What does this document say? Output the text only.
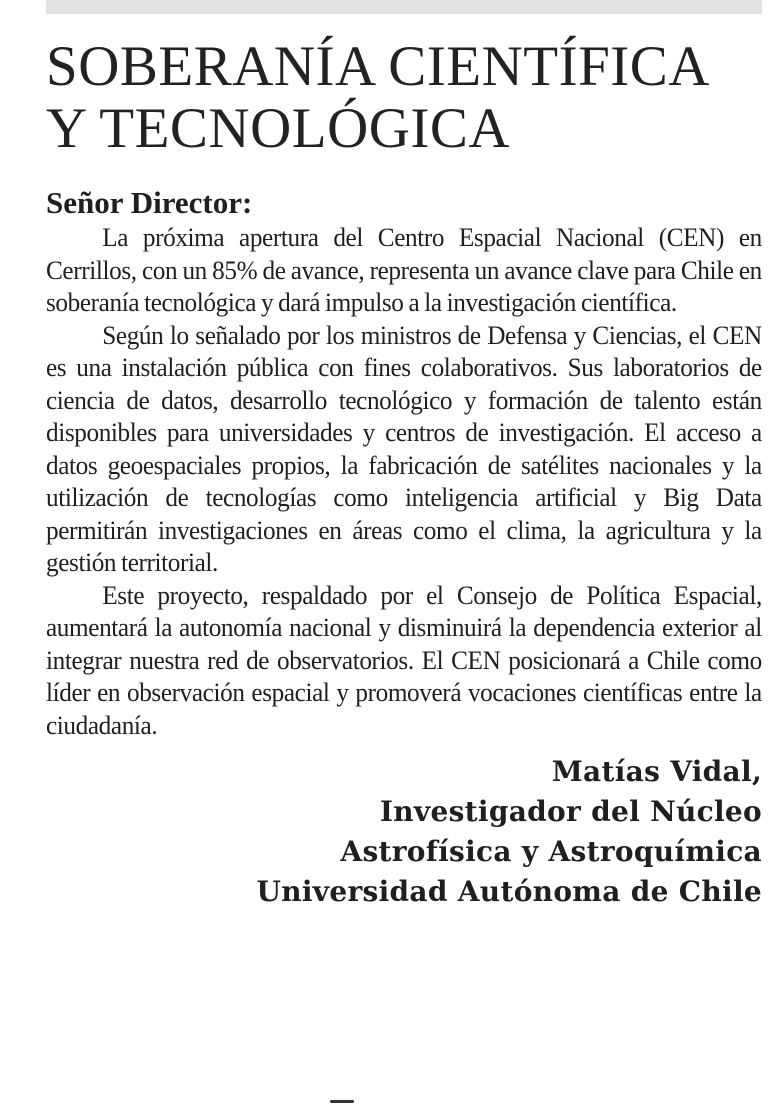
SOBERANÍA CIENTÍFICA
Y TECNOLÓGICA
Señor Director:

La próxima apertura del Centro Espacial Nacional (CEN) en Cerrillos, con un 85% de avance, representa un avance clave para Chile en soberanía tecnológica y dará impulso a la investigación científica.

Según lo señalado por los ministros de Defensa y Ciencias, el CEN es una instalación pública con fines colaborativos. Sus laboratorios de ciencia de datos, desarrollo tecnológico y formación de talento están disponibles para universidades y centros de investigación. El acceso a datos geoespaciales propios, la fabricación de satélites nacionales y la utilización de tecnologías como inteligencia artificial y Big Data permitirán investigaciones en áreas como el clima, la agricultura y la gestión territorial.

Este proyecto, respaldado por el Consejo de Política Espacial, aumentará la autonomía nacional y disminuirá la dependencia exterior al integrar nuestra red de observatorios. El CEN posicionará a Chile como líder en observación espacial y promoverá vocaciones científicas entre la ciudadanía.

Matías Vidal,
Investigador del Núcleo
Astrofísica y Astroquímica
Universidad Autónoma de Chile
